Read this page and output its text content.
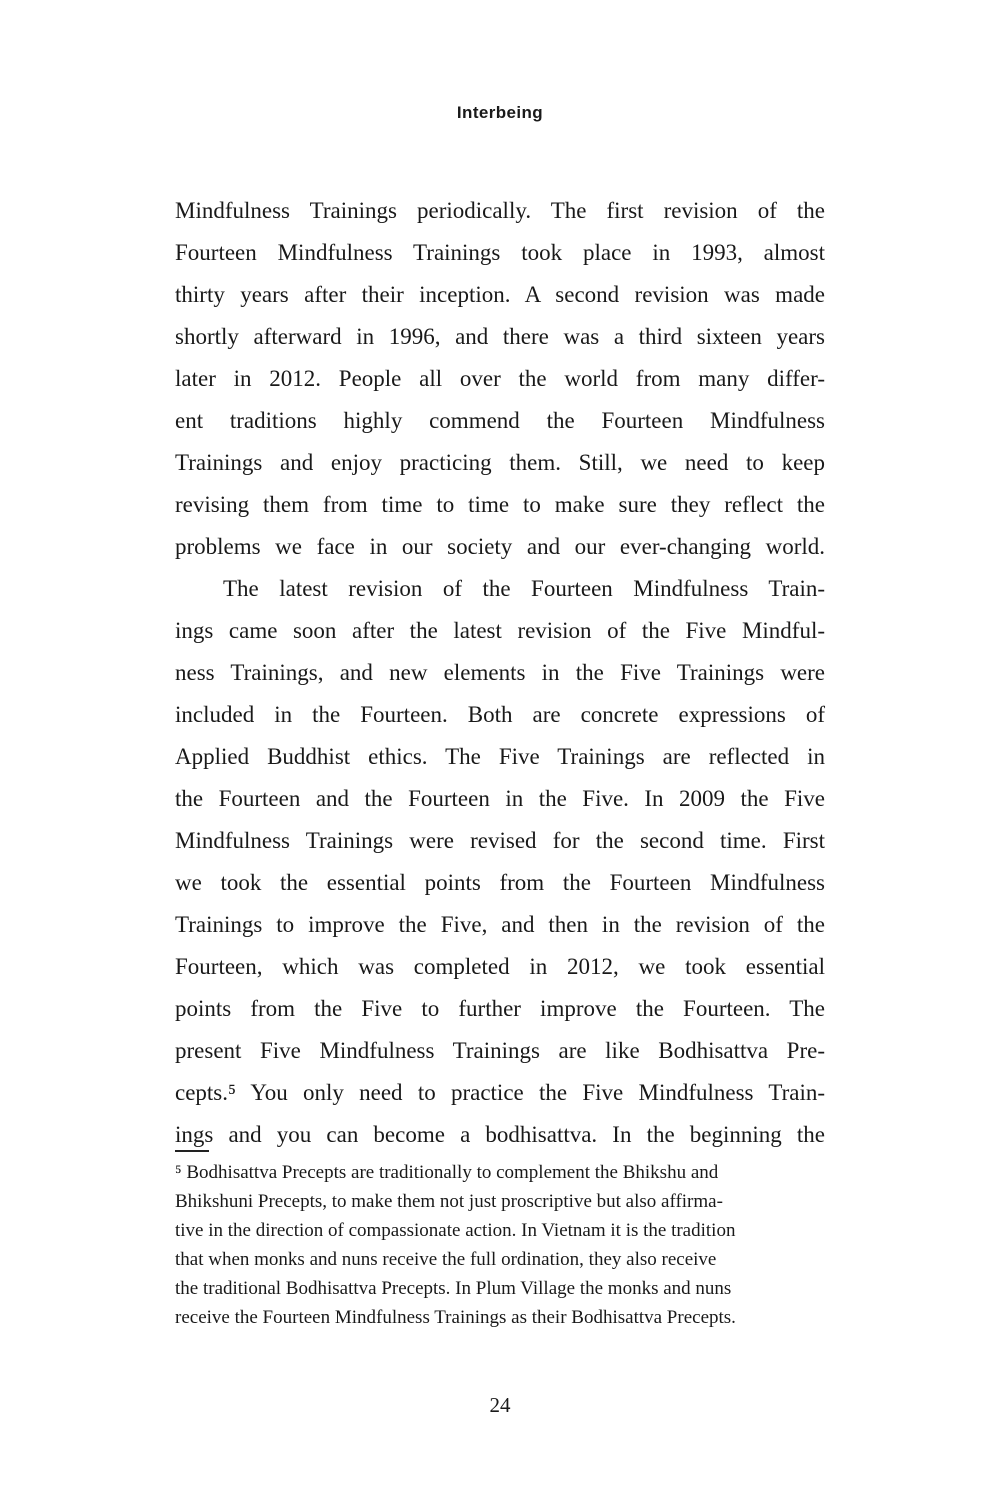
Interbeing
Mindfulness Trainings periodically. The first revision of the
Fourteen Mindfulness Trainings took place in 1993, almost
thirty years after their inception. A second revision was made
shortly afterward in 1996, and there was a third sixteen years
later in 2012. People all over the world from many differ-
ent traditions highly commend the Fourteen Mindfulness
Trainings and enjoy practicing them. Still, we need to keep
revising them from time to time to make sure they reflect the
problems we face in our society and our ever-changing world.
The latest revision of the Fourteen Mindfulness Train-
ings came soon after the latest revision of the Five Mindful-
ness Trainings, and new elements in the Five Trainings were
included in the Fourteen. Both are concrete expressions of
Applied Buddhist ethics. The Five Trainings are reflected in
the Fourteen and the Fourteen in the Five. In 2009 the Five
Mindfulness Trainings were revised for the second time. First
we took the essential points from the Fourteen Mindfulness
Trainings to improve the Five, and then in the revision of the
Fourteen, which was completed in 2012, we took essential
points from the Five to further improve the Fourteen. The
present Five Mindfulness Trainings are like Bodhisattva Pre-
cepts.⁵ You only need to practice the Five Mindfulness Train-
ings and you can become a bodhisattva. In the beginning the
⁵ Bodhisattva Precepts are traditionally to complement the Bhikshu and
Bhikshuni Precepts, to make them not just proscriptive but also affirma-
tive in the direction of compassionate action. In Vietnam it is the tradition
that when monks and nuns receive the full ordination, they also receive
the traditional Bodhisattva Precepts. In Plum Village the monks and nuns
receive the Fourteen Mindfulness Trainings as their Bodhisattva Precepts.
24
